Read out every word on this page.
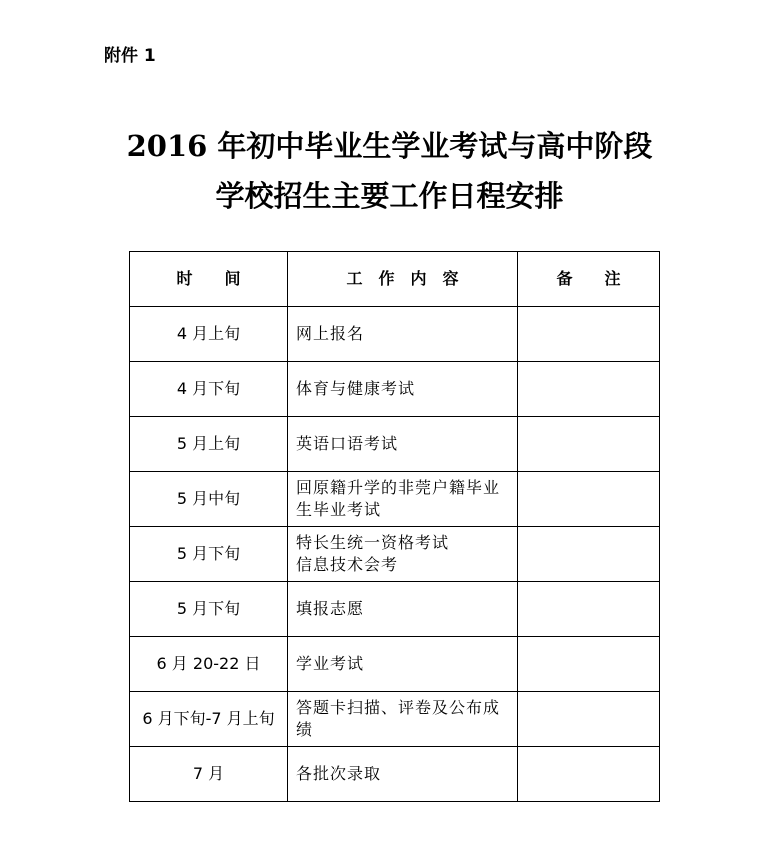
附件 1
2016 年初中毕业生学业考试与高中阶段
学校招生主要工作日程安排
时　　间	工　作　内　容	备　　注
4 月上旬	网上报名	
4 月下旬	体育与健康考试	
5 月上旬	英语口语考试	
5 月中旬	回原籍升学的非莞户籍毕业生毕业考试	
5 月下旬	特长生统一资格考试
信息技术会考	
5 月下旬	填报志愿	
6 月 20-22 日	学业考试	
6 月下旬-7 月上旬	答题卡扫描、评卷及公布成绩	
7 月	各批次录取	
